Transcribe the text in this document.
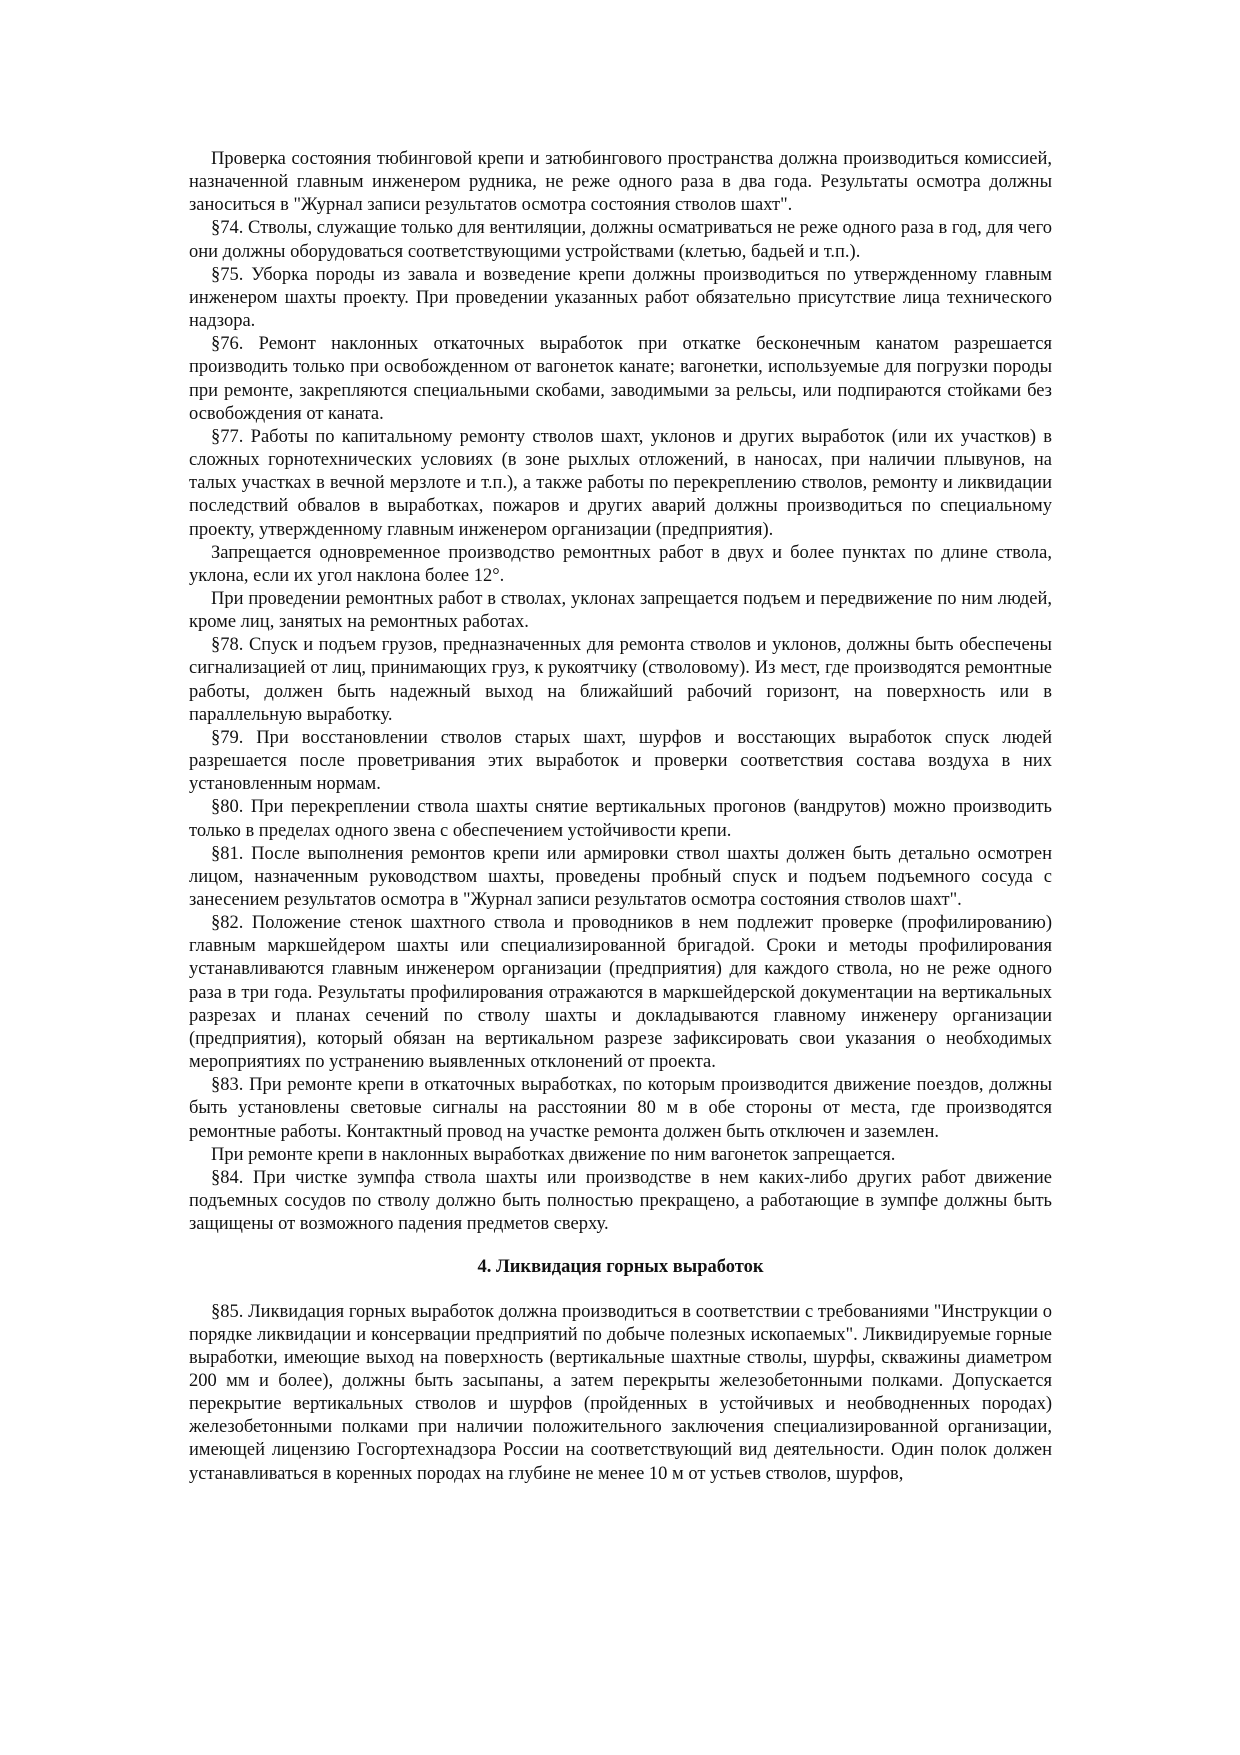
Проверка состояния тюбинговой крепи и затюбингового пространства должна производиться комиссией, назначенной главным инженером рудника, не реже одного раза в два года. Результаты осмотра должны заноситься в "Журнал записи результатов осмотра состояния стволов шахт".

§74. Стволы, служащие только для вентиляции, должны осматриваться не реже одного раза в год, для чего они должны оборудоваться соответствующими устройствами (клетью, бадьей и т.п.).

§75. Уборка породы из завала и возведение крепи должны производиться по утвержденному главным инженером шахты проекту. При проведении указанных работ обязательно присутствие лица технического надзора.

§76. Ремонт наклонных откаточных выработок при откатке бесконечным канатом разрешается производить только при освобожденном от вагонеток канате; вагонетки, используемые для погрузки породы при ремонте, закрепляются специальными скобами, заводимыми за рельсы, или подпираются стойками без освобождения от каната.

§77. Работы по капитальному ремонту стволов шахт, уклонов и других выработок (или их участков) в сложных горнотехнических условиях (в зоне рыхлых отложений, в наносах, при наличии плывунов, на талых участках в вечной мерзлоте и т.п.), а также работы по перекреплению стволов, ремонту и ликвидации последствий обвалов в выработках, пожаров и других аварий должны производиться по специальному проекту, утвержденному главным инженером организации (предприятия).

Запрещается одновременное производство ремонтных работ в двух и более пунктах по длине ствола, уклона, если их угол наклона более 12°.

При проведении ремонтных работ в стволах, уклонах запрещается подъем и передвижение по ним людей, кроме лиц, занятых на ремонтных работах.

§78. Спуск и подъем грузов, предназначенных для ремонта стволов и уклонов, должны быть обеспечены сигнализацией от лиц, принимающих груз, к рукоятчику (стволовому). Из мест, где производятся ремонтные работы, должен быть надежный выход на ближайший рабочий горизонт, на поверхность или в параллельную выработку.

§79. При восстановлении стволов старых шахт, шурфов и восстающих выработок спуск людей разрешается после проветривания этих выработок и проверки соответствия состава воздуха в них установленным нормам.

§80. При перекреплении ствола шахты снятие вертикальных прогонов (вандрутов) можно производить только в пределах одного звена с обеспечением устойчивости крепи.

§81. После выполнения ремонтов крепи или армировки ствол шахты должен быть детально осмотрен лицом, назначенным руководством шахты, проведены пробный спуск и подъем подъемного сосуда с занесением результатов осмотра в "Журнал записи результатов осмотра состояния стволов шахт".

§82. Положение стенок шахтного ствола и проводников в нем подлежит проверке (профилированию) главным маркшейдером шахты или специализированной бригадой. Сроки и методы профилирования устанавливаются главным инженером организации (предприятия) для каждого ствола, но не реже одного раза в три года. Результаты профилирования отражаются в маркшейдерской документации на вертикальных разрезах и планах сечений по стволу шахты и докладываются главному инженеру организации (предприятия), который обязан на вертикальном разрезе зафиксировать свои указания о необходимых мероприятиях по устранению выявленных отклонений от проекта.

§83. При ремонте крепи в откаточных выработках, по которым производится движение поездов, должны быть установлены световые сигналы на расстоянии 80 м в обе стороны от места, где производятся ремонтные работы. Контактный провод на участке ремонта должен быть отключен и заземлен.

При ремонте крепи в наклонных выработках движение по ним вагонеток запрещается.

§84. При чистке зумпфа ствола шахты или производстве в нем каких-либо других работ движение подъемных сосудов по стволу должно быть полностью прекращено, а работающие в зумпфе должны быть защищены от возможного падения предметов сверху.

4. Ликвидация горных выработок

§85. Ликвидация горных выработок должна производиться в соответствии с требованиями "Инструкции о порядке ликвидации и консервации предприятий по добыче полезных ископаемых". Ликвидируемые горные выработки, имеющие выход на поверхность (вертикальные шахтные стволы, шурфы, скважины диаметром 200 мм и более), должны быть засыпаны, а затем перекрыты железобетонными полками. Допускается перекрытие вертикальных стволов и шурфов (пройденных в устойчивых и необводненных породах) железобетонными полками при наличии положительного заключения специализированной организации, имеющей лицензию Госгортехнадзора России на соответствующий вид деятельности. Один полок должен устанавливаться в коренных породах на глубине не менее 10 м от устьев стволов, шурфов,
